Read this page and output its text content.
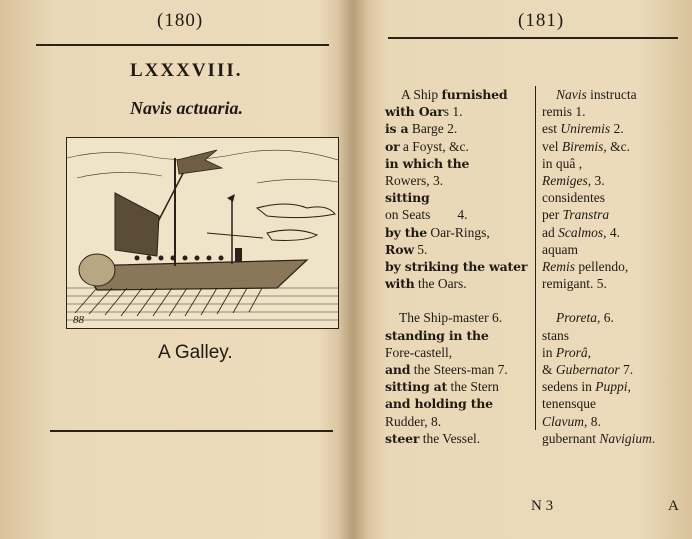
(180)
LXXXVIII.
Navis actuaria.
88
A Galley.
(181)
A Ship furnished
with Oars 1.
is a Barge 2.
or a Foyst, &c.
in which the
Rowers, 3.
sitting
on Seats        4.
by the Oar-Rings,
Row 5.
by striking the water
with the Oars.
The Ship-master 6.
standing in the
Fore-castell,
and the Steers-man 7.
sitting at the Stern
and holding the
Rudder, 8.
steer the Vessel.
Navis instructa
remis 1.
est Uniremis 2.
vel Biremis, &c.
in quâ ,
Remiges, 3.
considentes
per Transtra
ad Scalmos, 4.
aquam
Remis pellendo,
remigant. 5.
Proreta, 6.
stans
in Prorâ,
& Gubernator 7.
sedens in Puppi,
tenensque
Clavum, 8.
gubernant Navigium.
N 3	A
